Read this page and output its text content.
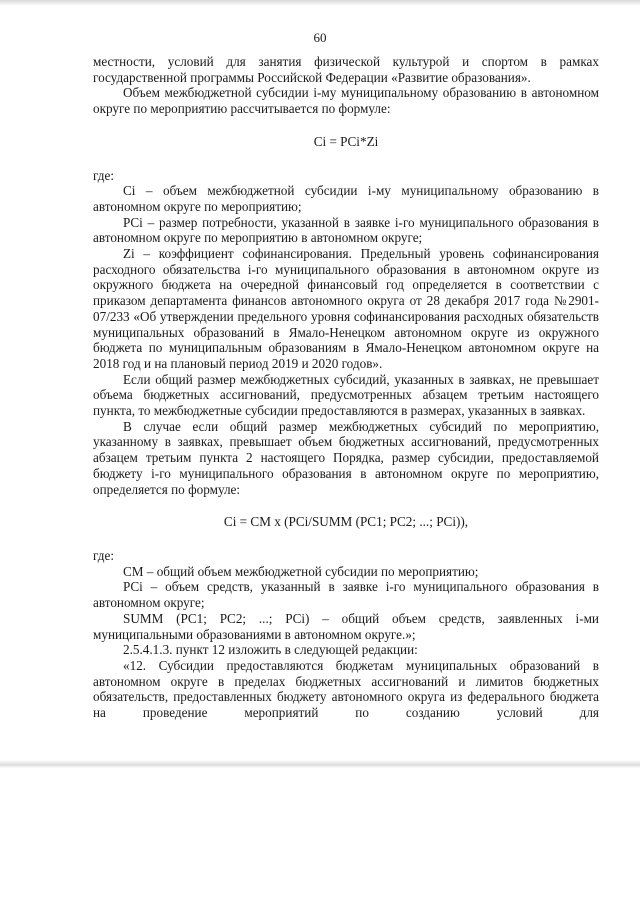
60

местности, условий для занятия физической культурой и спортом в рамках государственной программы Российской Федерации «Развитие образования».

Объем межбюджетной субсидии i-му муниципальному образованию в автономном округе по мероприятию рассчитывается по формуле:

Ci = PCi*Zi

где:

Ci – объем межбюджетной субсидии i-му муниципальному образованию в автономном округе по мероприятию;

PCi – размер потребности, указанной в заявке i-го муниципального образования в автономном округе по мероприятию в автономном округе;

Zi – коэффициент софинансирования. Предельный уровень софинансирования расходного обязательства i-го муниципального образования в автономном округе из окружного бюджета на очередной финансовый год определяется в соответствии с приказом департамента финансов автономного округа от 28 декабря 2017 года №2901-07/233 «Об утверждении предельного уровня софинансирования расходных обязательств муниципальных образований в Ямало-Ненецком автономном округе из окружного бюджета по муниципальным образованиям в Ямало-Ненецком автономном округе на 2018 год и на плановый период 2019 и 2020 годов».

Если общий размер межбюджетных субсидий, указанных в заявках, не превышает объема бюджетных ассигнований, предусмотренных абзацем третьим настоящего пункта, то межбюджетные субсидии предоставляются в размерах, указанных в заявках.

В случае если общий размер межбюджетных субсидий по мероприятию, указанному в заявках, превышает объем бюджетных ассигнований, предусмотренных абзацем третьим пункта 2 настоящего Порядка, размер субсидии, предоставляемой бюджету i-го муниципального образования в автономном округе по мероприятию, определяется по формуле:

Ci = CM x (PCi/SUMM (PC1; PC2; ...; PCi)),

где:

CM – общий объем межбюджетной субсидии по мероприятию;

PCi – объем средств, указанный в заявке i-го муниципального образования в автономном округе;

SUMM (PC1; PC2; ...; PCi) – общий объем средств, заявленных i-ми муниципальными образованиями в автономном округе.»;

2.5.4.1.3. пункт 12 изложить в следующей редакции:

«12. Субсидии предоставляются бюджетам муниципальных образований в автономном округе в пределах бюджетных ассигнований и лимитов бюджетных обязательств, предоставленных бюджету автономного округа из федерального бюджета на проведение мероприятий по созданию условий для
